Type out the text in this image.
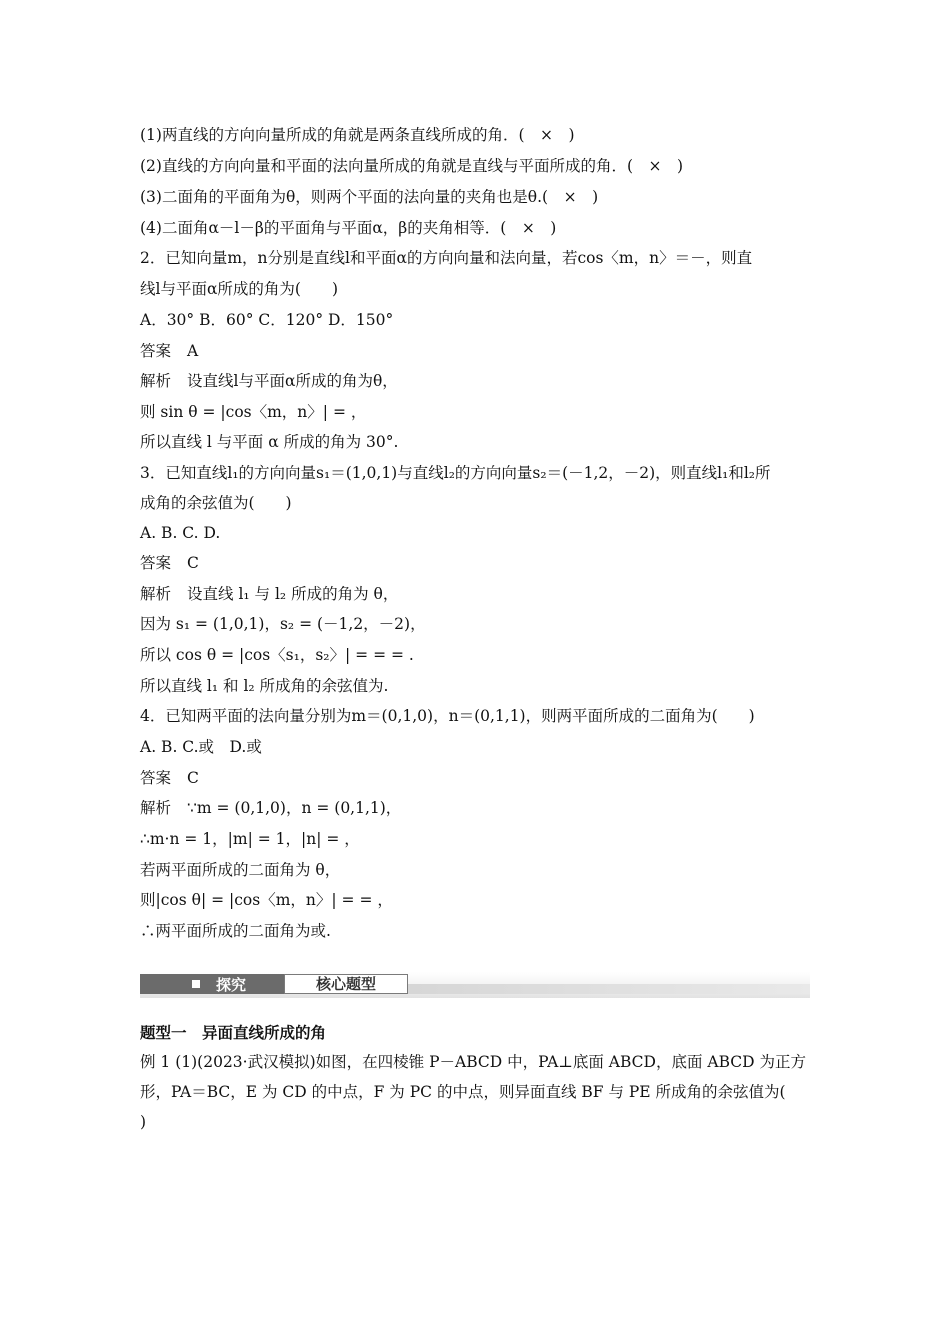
(1)两直线的方向向量所成的角就是两条直线所成的角．(　×　)
(2)直线的方向向量和平面的法向量所成的角就是直线与平面所成的角．(　×　)
(3)二面角的平面角为θ，则两个平面的法向量的夹角也是θ.(　×　)
(4)二面角α－l－β的平面角与平面α，β的夹角相等．(　×　)
2．已知向量m，n分别是直线l和平面α的方向向量和法向量，若cos〈m，n〉＝－，则直
线l与平面α所成的角为(　　)
A．30° B．60° C．120° D．150°
答案 A
解析 设直线l与平面α所成的角为θ，
则 sin θ = |cos〈m，n〉| = ，
所以直线 l 与平面 α 所成的角为 30°.
3．已知直线l₁的方向向量s₁＝(1,0,1)与直线l₂的方向向量s₂＝(－1,2，－2)，则直线l₁和l₂所
成角的余弦值为(　　)
A. B. C. D.
答案 C
解析 设直线 l₁ 与 l₂ 所成的角为 θ，
因为 s₁ = (1,0,1)，s₂ = (－1,2，－2)，
所以 cos θ = |cos〈s₁，s₂〉| = = = .
所以直线 l₁ 和 l₂ 所成角的余弦值为.
4．已知两平面的法向量分别为m＝(0,1,0)，n＝(0,1,1)，则两平面所成的二面角为(　　)
A. B. C.或　D.或
答案 C
解析 ∵m = (0,1,0)，n = (0,1,1)，
∴m·n = 1，|m| = 1，|n| = ，
若两平面所成的二面角为 θ，
则|cos θ| = |cos〈m，n〉| = = ，
∴两平面所成的二面角为或.
探究	核心题型
题型一　异面直线所成的角
例 1 (1)(2023·武汉模拟)如图，在四棱锥 P－ABCD 中，PA⊥底面 ABCD，底面 ABCD 为正方
形，PA＝BC，E 为 CD 的中点，F 为 PC 的中点，则异面直线 BF 与 PE 所成角的余弦值为(
)
